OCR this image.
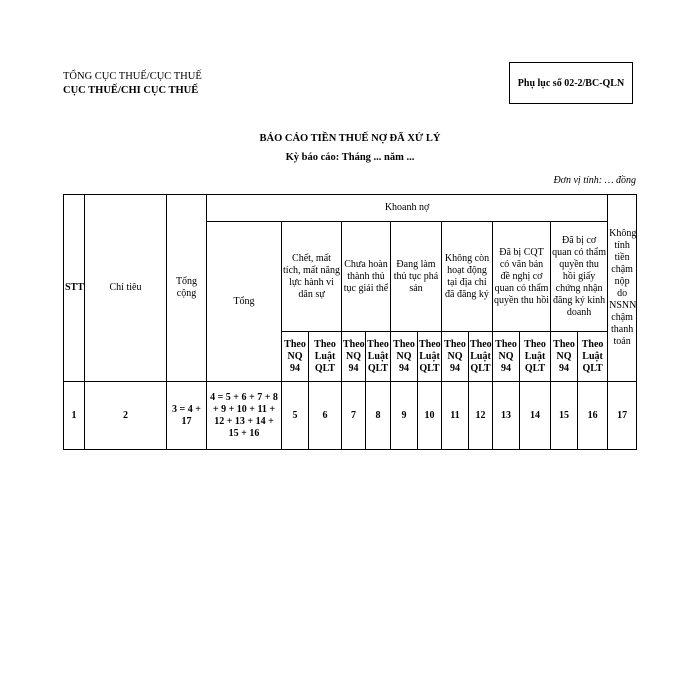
TỔNG CỤC THUẾ/CỤC THUẾ
CỤC THUẾ/CHI CỤC THUẾ
Phụ lục số 02-2/BC-QLN
BÁO CÁO TIỀN THUẾ NỢ ĐÃ XỬ LÝ
Kỳ báo cáo: Tháng ... năm ...
Đơn vị tính: … đồng
STT	Chỉ tiêu	Tổng cộng	Khoanh nợ													Không tính tiền chậm nộp do NSNN chậm thanh toán
			Tổng	Chết, mất tích, mất năng lực hành vi dân sự		Chưa hoàn thành thủ tục giải thể		Đang làm thủ tục phá sản		Không còn hoạt động tại địa chỉ đã đăng ký		Đã bị CQT có văn bản đề nghị cơ quan có thẩm quyền thu hồi		Đã bị cơ quan có thẩm quyền thu hồi giấy chứng nhận đăng ký kinh doanh		
				Theo NQ 94	Theo Luật QLT	Theo NQ 94	Theo Luật QLT	Theo NQ 94	Theo Luật QLT	Theo NQ 94	Theo Luật QLT	Theo NQ 94	Theo Luật QLT	Theo NQ 94	Theo Luật QLT	
1	2	3 = 4 + 17	4 = 5 + 6 + 7 + 8 + 9 + 10 + 11 + 12 + 13 + 14 + 15 + 16	5	6	7	8	9	10	11	12	13	14	15	16	17
